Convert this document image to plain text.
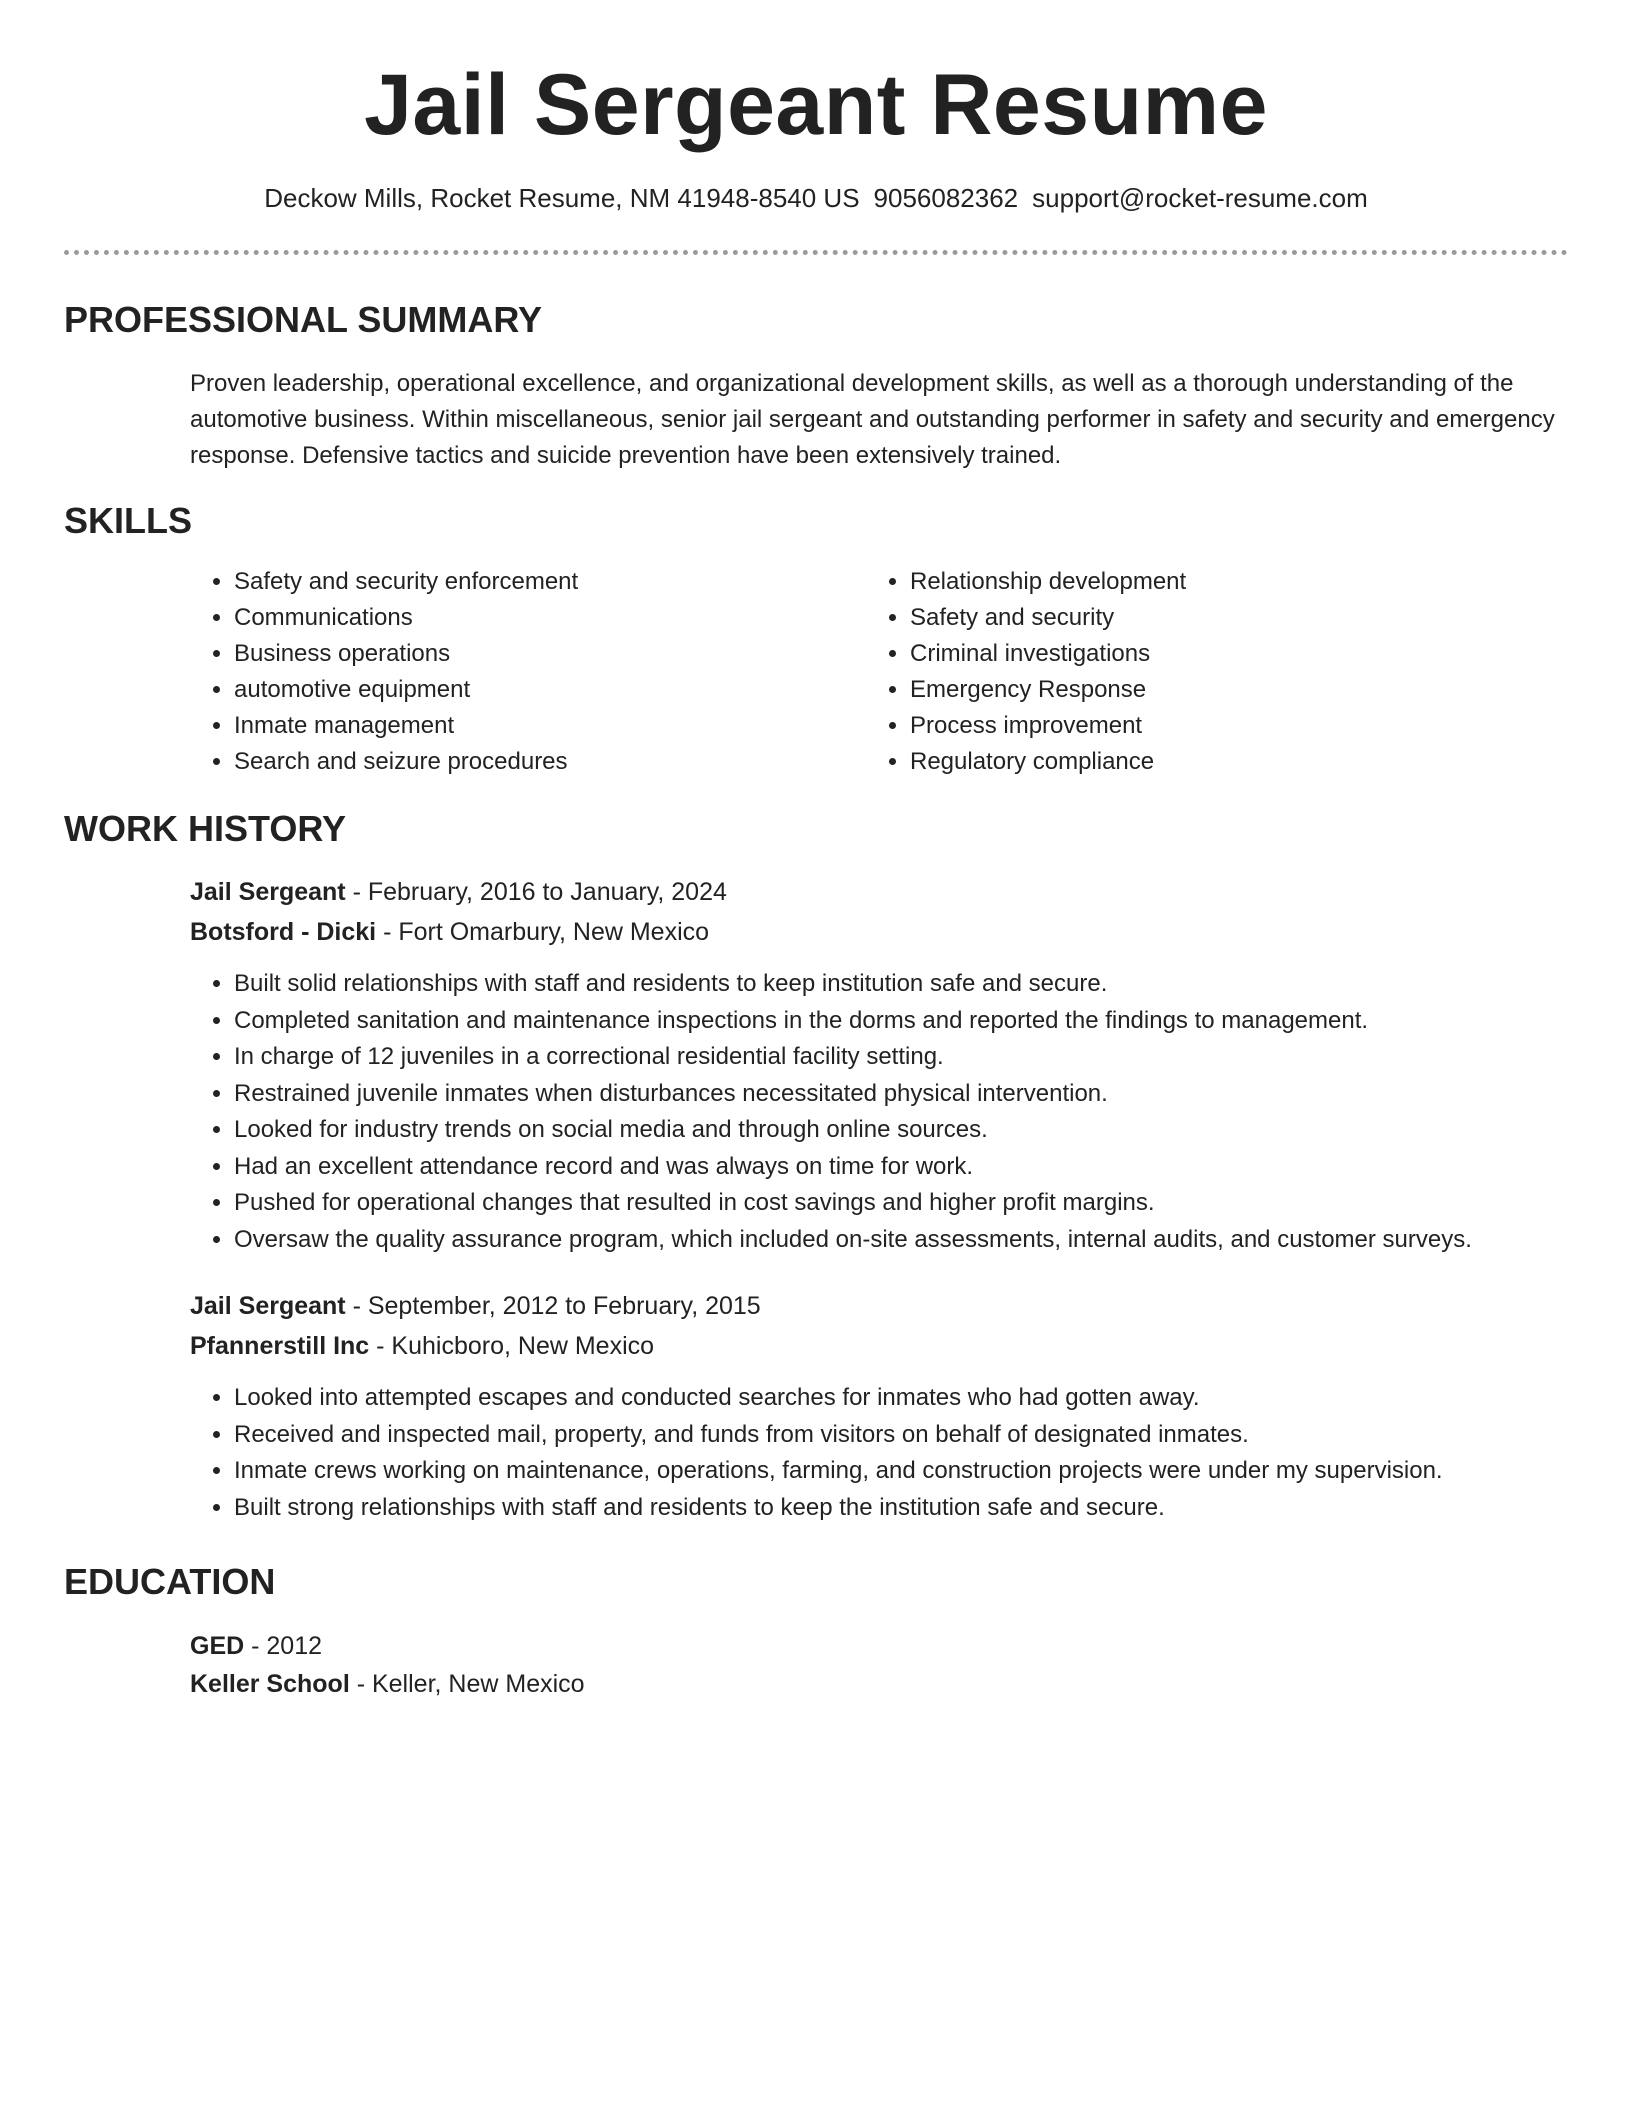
Jail Sergeant Resume
Deckow Mills, Rocket Resume, NM 41948-8540 US 9056082362 support@rocket-resume.com
PROFESSIONAL SUMMARY

Proven leadership, operational excellence, and organizational development skills, as well as a thorough understanding of the automotive business. Within miscellaneous, senior jail sergeant and outstanding performer in safety and security and emergency response. Defensive tactics and suicide prevention have been extensively trained.

SKILLS
• Safety and security enforcement
• Communications
• Business operations
• automotive equipment
• Inmate management
• Search and seizure procedures
• Relationship development
• Safety and security
• Criminal investigations
• Emergency Response
• Process improvement
• Regulatory compliance
WORK HISTORY
Jail Sergeant - February, 2016 to January, 2024
Botsford - Dicki - Fort Omarbury, New Mexico
• Built solid relationships with staff and residents to keep institution safe and secure.
• Completed sanitation and maintenance inspections in the dorms and reported the findings to management.
• In charge of 12 juveniles in a correctional residential facility setting.
• Restrained juvenile inmates when disturbances necessitated physical intervention.
• Looked for industry trends on social media and through online sources.
• Had an excellent attendance record and was always on time for work.
• Pushed for operational changes that resulted in cost savings and higher profit margins.
• Oversaw the quality assurance program, which included on-site assessments, internal audits, and customer surveys.
Jail Sergeant - September, 2012 to February, 2015
Pfannerstill Inc - Kuhicboro, New Mexico
• Looked into attempted escapes and conducted searches for inmates who had gotten away.
• Received and inspected mail, property, and funds from visitors on behalf of designated inmates.
• Inmate crews working on maintenance, operations, farming, and construction projects were under my supervision.
• Built strong relationships with staff and residents to keep the institution safe and secure.
EDUCATION
GED - 2012
Keller School - Keller, New Mexico
